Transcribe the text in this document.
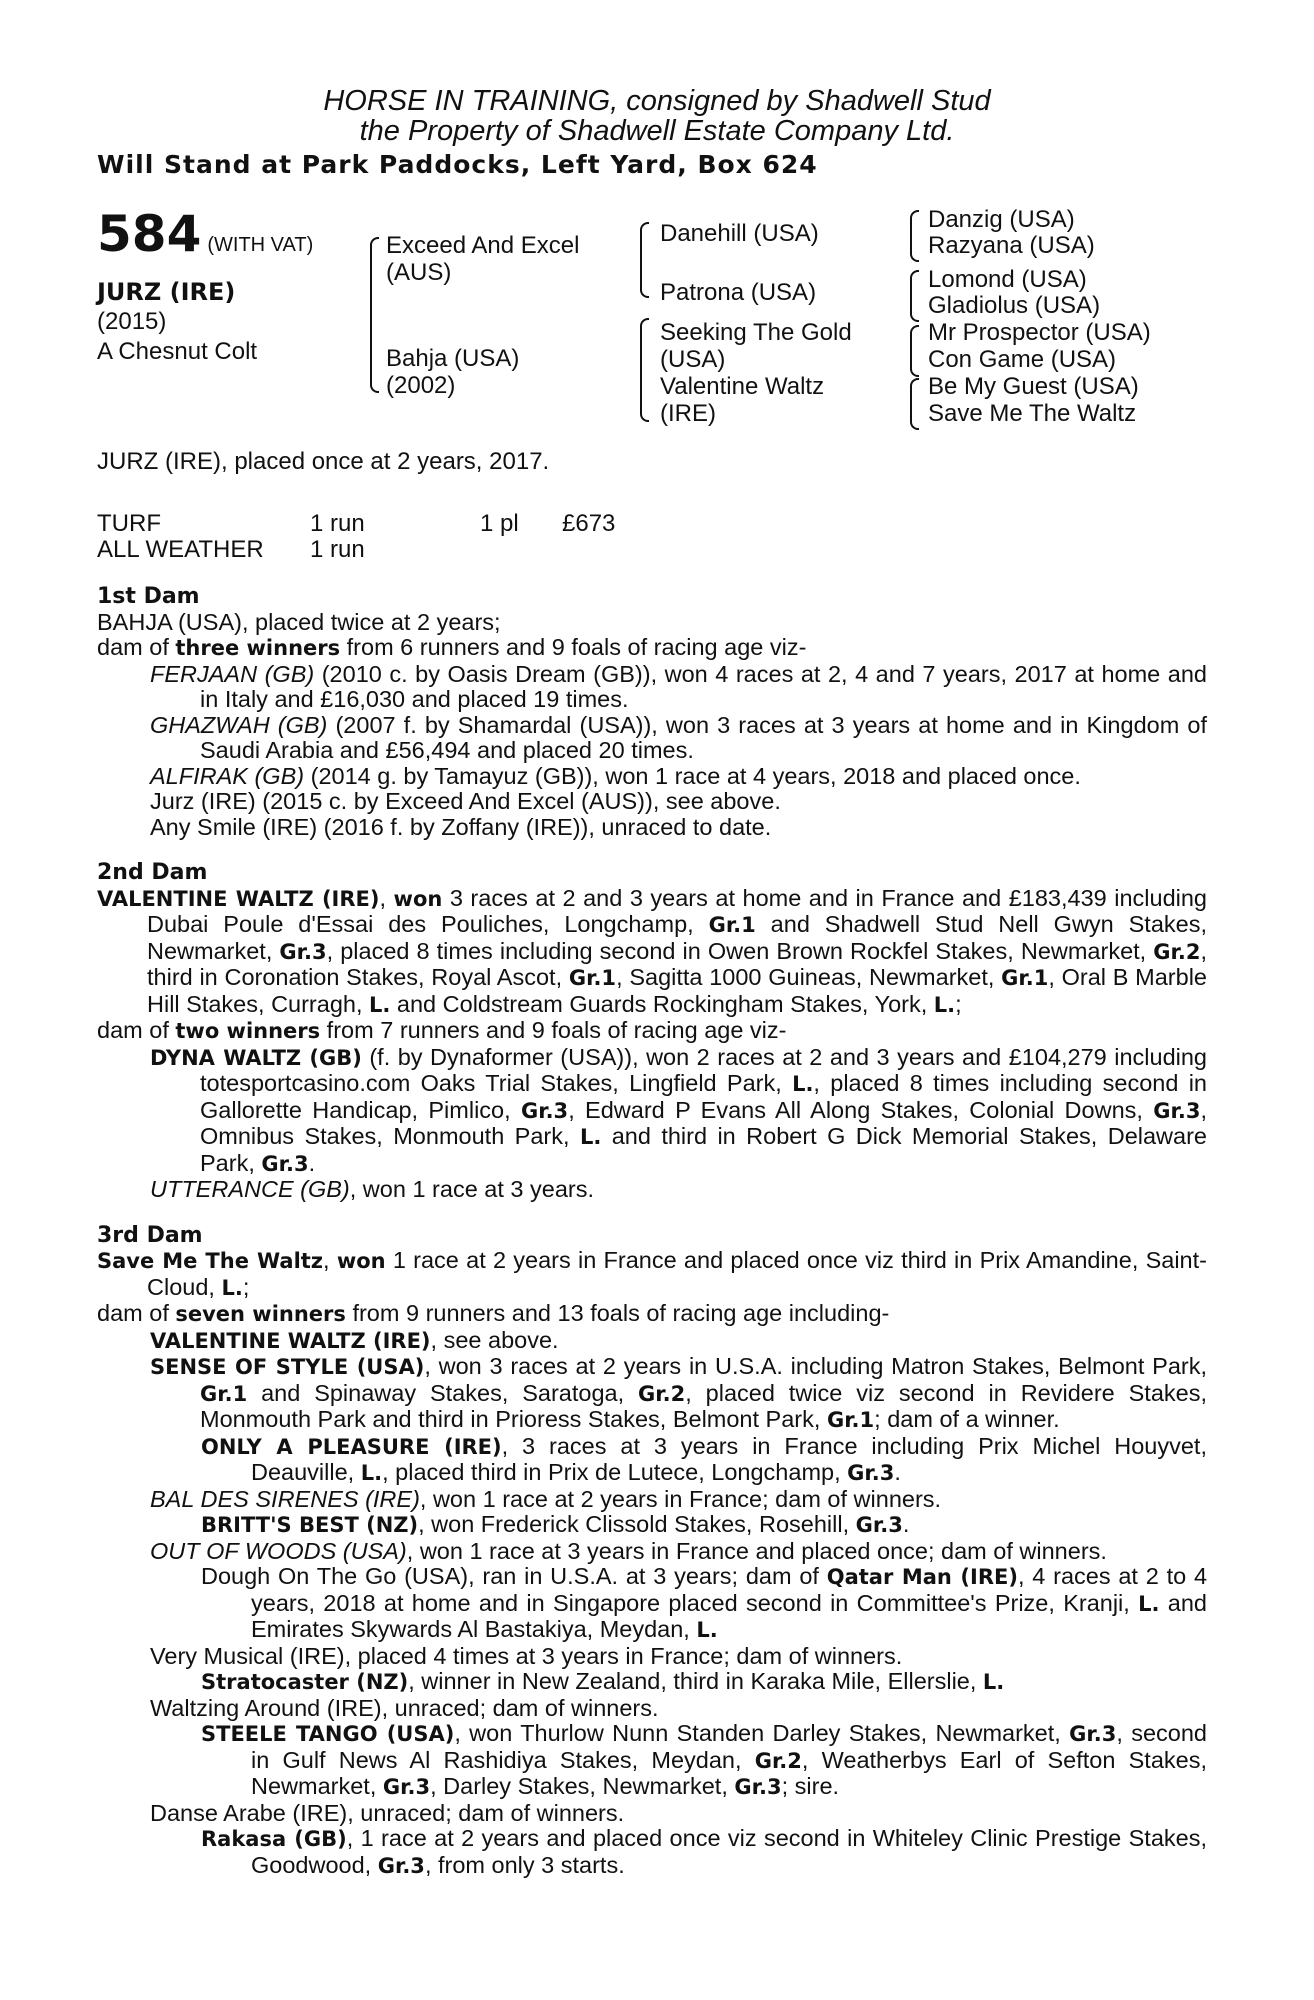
HORSE IN TRAINING, consigned by Shadwell Stud
the Property of Shadwell Estate Company Ltd.
Will Stand at Park Paddocks, Left Yard, Box 624
584 (WITH VAT)
JURZ (IRE)
(2015)
A Chesnut Colt
Exceed And Excel
(AUS)
Bahja (USA)
(2002)
Danehill (USA)
Patrona (USA)
Seeking The Gold
(USA)
Valentine Waltz
(IRE)
Danzig (USA)
Razyana (USA)
Lomond (USA)
Gladiolus (USA)
Mr Prospector (USA)
Con Game (USA)
Be My Guest (USA)
Save Me The Waltz
JURZ (IRE), placed once at 2 years, 2017.
TURF	1 run	1 pl £673
ALL WEATHER 1 run
1st Dam

BAHJA (USA), placed twice at 2 years;

dam of three winners from 6 runners and 9 foals of racing age viz-

FERJAAN (GB) (2010 c. by Oasis Dream (GB)), won 4 races at 2, 4 and 7 years, 2017 at home and in Italy and £16,030 and placed 19 times.

GHAZWAH (GB) (2007 f. by Shamardal (USA)), won 3 races at 3 years at home and in Kingdom of Saudi Arabia and £56,494 and placed 20 times.

ALFIRAK (GB) (2014 g. by Tamayuz (GB)), won 1 race at 4 years, 2018 and placed once.

Jurz (IRE) (2015 c. by Exceed And Excel (AUS)), see above.

Any Smile (IRE) (2016 f. by Zoffany (IRE)), unraced to date.

2nd Dam

VALENTINE WALTZ (IRE), won 3 races at 2 and 3 years at home and in France and £183,439 including Dubai Poule d'Essai des Pouliches, Longchamp, Gr.1 and Shadwell Stud Nell Gwyn Stakes, Newmarket, Gr.3, placed 8 times including second in Owen Brown Rockfel Stakes, Newmarket, Gr.2, third in Coronation Stakes, Royal Ascot, Gr.1, Sagitta 1000 Guineas, Newmarket, Gr.1, Oral B Marble Hill Stakes, Curragh, L. and Coldstream Guards Rockingham Stakes, York, L.;

dam of two winners from 7 runners and 9 foals of racing age viz-

DYNA WALTZ (GB) (f. by Dynaformer (USA)), won 2 races at 2 and 3 years and £104,279 including totesportcasino.com Oaks Trial Stakes, Lingfield Park, L., placed 8 times including second in Gallorette Handicap, Pimlico, Gr.3, Edward P Evans All Along Stakes, Colonial Downs, Gr.3, Omnibus Stakes, Monmouth Park, L. and third in Robert G Dick Memorial Stakes, Delaware Park, Gr.3.

UTTERANCE (GB), won 1 race at 3 years.

3rd Dam

Save Me The Waltz, won 1 race at 2 years in France and placed once viz third in Prix Amandine, Saint-Cloud, L.;

dam of seven winners from 9 runners and 13 foals of racing age including-

VALENTINE WALTZ (IRE), see above.

SENSE OF STYLE (USA), won 3 races at 2 years in U.S.A. including Matron Stakes, Belmont Park, Gr.1 and Spinaway Stakes, Saratoga, Gr.2, placed twice viz second in Revidere Stakes, Monmouth Park and third in Prioress Stakes, Belmont Park, Gr.1; dam of a winner.

ONLY A PLEASURE (IRE), 3 races at 3 years in France including Prix Michel Houyvet, Deauville, L., placed third in Prix de Lutece, Longchamp, Gr.3.

BAL DES SIRENES (IRE), won 1 race at 2 years in France; dam of winners.

BRITT'S BEST (NZ), won Frederick Clissold Stakes, Rosehill, Gr.3.

OUT OF WOODS (USA), won 1 race at 3 years in France and placed once; dam of winners.

Dough On The Go (USA), ran in U.S.A. at 3 years; dam of Qatar Man (IRE), 4 races at 2 to 4 years, 2018 at home and in Singapore placed second in Committee's Prize, Kranji, L. and Emirates Skywards Al Bastakiya, Meydan, L.

Very Musical (IRE), placed 4 times at 3 years in France; dam of winners.

Stratocaster (NZ), winner in New Zealand, third in Karaka Mile, Ellerslie, L.

Waltzing Around (IRE), unraced; dam of winners.

STEELE TANGO (USA), won Thurlow Nunn Standen Darley Stakes, Newmarket, Gr.3, second in Gulf News Al Rashidiya Stakes, Meydan, Gr.2, Weatherbys Earl of Sefton Stakes, Newmarket, Gr.3, Darley Stakes, Newmarket, Gr.3; sire.

Danse Arabe (IRE), unraced; dam of winners.

Rakasa (GB), 1 race at 2 years and placed once viz second in Whiteley Clinic Prestige Stakes, Goodwood, Gr.3, from only 3 starts.
